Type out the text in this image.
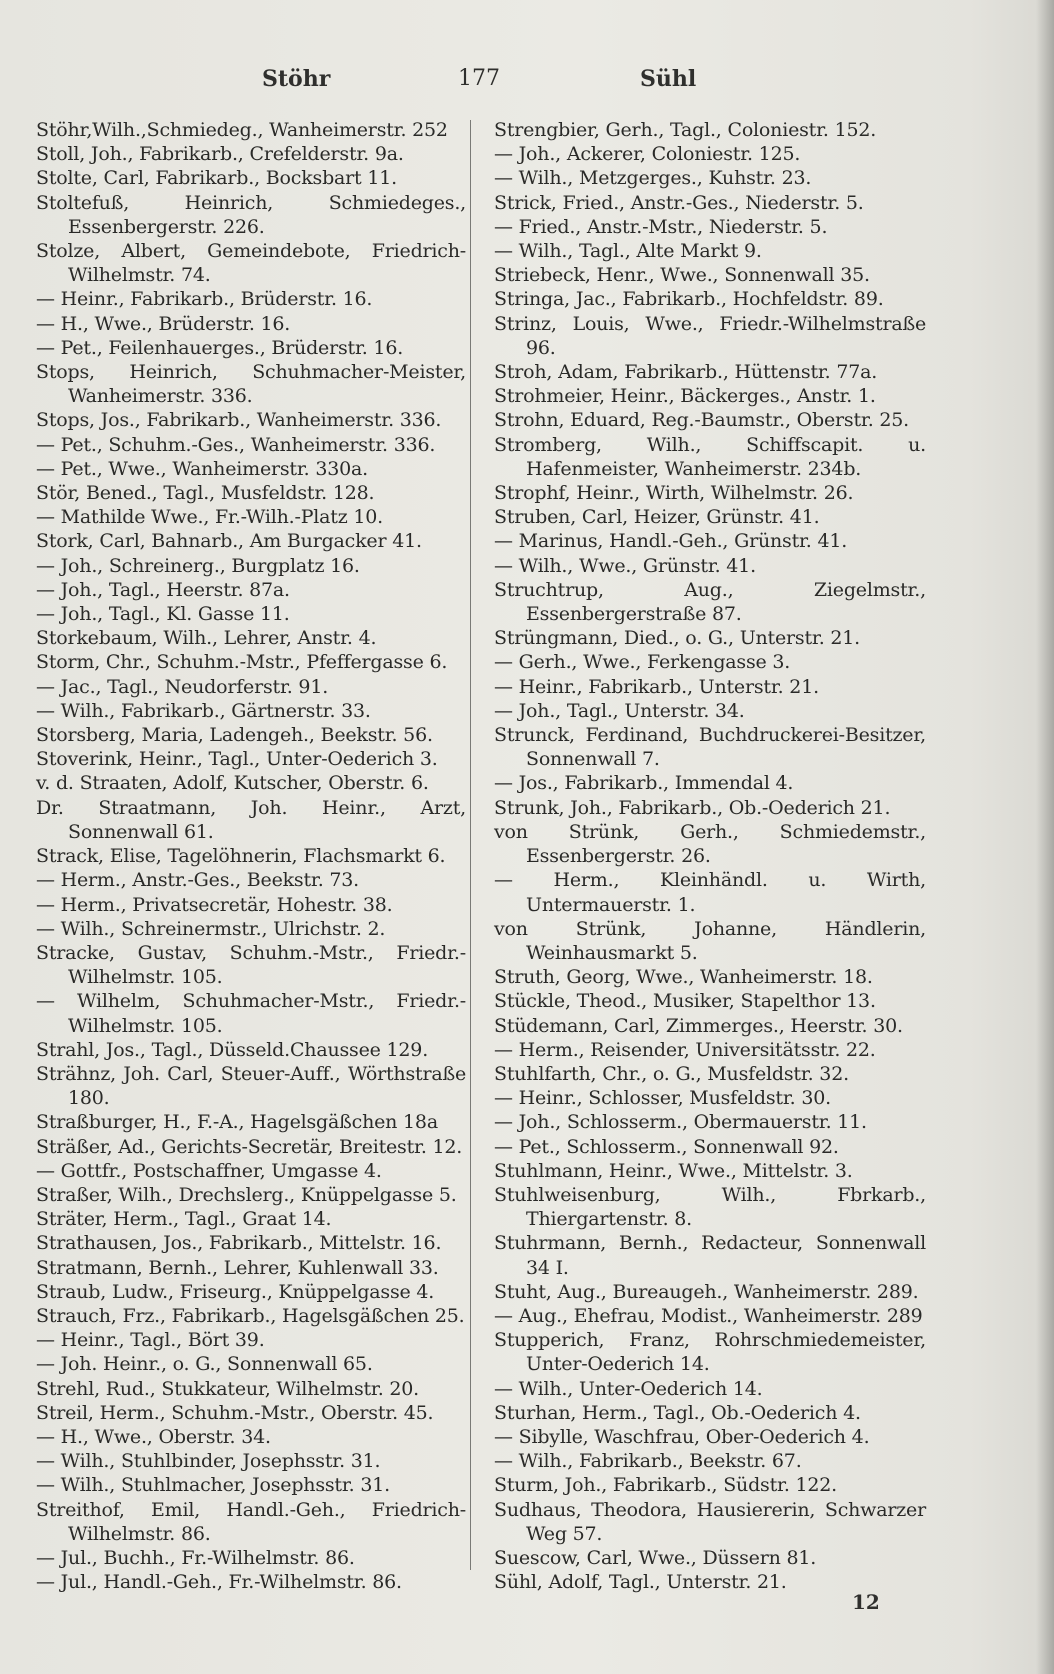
Stöhr	177	Sühl
Stöhr,Wilh.,Schmiedeg., Wanheimerstr. 252
Stoll, Joh., Fabrikarb., Crefelderstr. 9a.
Stolte, Carl, Fabrikarb., Bocksbart 11.
Stoltefuß, Heinrich, Schmiedeges., Essenbergerstr. 226.
Stolze, Albert, Gemeindebote, Friedrich-Wilhelmstr. 74.
— Heinr., Fabrikarb., Brüderstr. 16.
— H., Wwe., Brüderstr. 16.
— Pet., Feilenhauerges., Brüderstr. 16.
Stops, Heinrich, Schuhmacher-Meister, Wanheimerstr. 336.
Stops, Jos., Fabrikarb., Wanheimerstr. 336.
— Pet., Schuhm.-Ges., Wanheimerstr. 336.
— Pet., Wwe., Wanheimerstr. 330a.
Stör, Bened., Tagl., Musfeldstr. 128.
— Mathilde Wwe., Fr.-Wilh.-Platz 10.
Stork, Carl, Bahnarb., Am Burgacker 41.
— Joh., Schreinerg., Burgplatz 16.
— Joh., Tagl., Heerstr. 87a.
— Joh., Tagl., Kl. Gasse 11.
Storkebaum, Wilh., Lehrer, Anstr. 4.
Storm, Chr., Schuhm.-Mstr., Pfeffergasse 6.
— Jac., Tagl., Neudorferstr. 91.
— Wilh., Fabrikarb., Gärtnerstr. 33.
Storsberg, Maria, Ladengeh., Beekstr. 56.
Stoverink, Heinr., Tagl., Unter-Oederich 3.
v. d. Straaten, Adolf, Kutscher, Oberstr. 6.
Dr. Straatmann, Joh. Heinr., Arzt, Sonnenwall 61.
Strack, Elise, Tagelöhnerin, Flachsmarkt 6.
— Herm., Anstr.-Ges., Beekstr. 73.
— Herm., Privatsecretär, Hohestr. 38.
— Wilh., Schreinermstr., Ulrichstr. 2.
Stracke, Gustav, Schuhm.-Mstr., Friedr.-Wilhelmstr. 105.
— Wilhelm, Schuhmacher-Mstr., Friedr.-Wilhelmstr. 105.
Strahl, Jos., Tagl., Düsseld.Chaussee 129.
Strähnz, Joh. Carl, Steuer-Auff., Wörthstraße 180.
Straßburger, H., F.-A., Hagelsgäßchen 18a
Sträßer, Ad., Gerichts-Secretär, Breitestr. 12.
— Gottfr., Postschaffner, Umgasse 4.
Straßer, Wilh., Drechslerg., Knüppelgasse 5.
Sträter, Herm., Tagl., Graat 14.
Strathausen, Jos., Fabrikarb., Mittelstr. 16.
Stratmann, Bernh., Lehrer, Kuhlenwall 33.
Straub, Ludw., Friseurg., Knüppelgasse 4.
Strauch, Frz., Fabrikarb., Hagelsgäßchen 25.
— Heinr., Tagl., Bört 39.
— Joh. Heinr., o. G., Sonnenwall 65.
Strehl, Rud., Stukkateur, Wilhelmstr. 20.
Streil, Herm., Schuhm.-Mstr., Oberstr. 45.
— H., Wwe., Oberstr. 34.
— Wilh., Stuhlbinder, Josephsstr. 31.
— Wilh., Stuhlmacher, Josephsstr. 31.
Streithof, Emil, Handl.-Geh., Friedrich-Wilhelmstr. 86.
— Jul., Buchh., Fr.-Wilhelmstr. 86.
— Jul., Handl.-Geh., Fr.-Wilhelmstr. 86.
Strengbier, Gerh., Tagl., Coloniestr. 152.
— Joh., Ackerer, Coloniestr. 125.
— Wilh., Metzgerges., Kuhstr. 23.
Strick, Fried., Anstr.-Ges., Niederstr. 5.
— Fried., Anstr.-Mstr., Niederstr. 5.
— Wilh., Tagl., Alte Markt 9.
Striebeck, Henr., Wwe., Sonnenwall 35.
Stringa, Jac., Fabrikarb., Hochfeldstr. 89.
Strinz, Louis, Wwe., Friedr.-Wilhelmstraße 96.
Stroh, Adam, Fabrikarb., Hüttenstr. 77a.
Strohmeier, Heinr., Bäckerges., Anstr. 1.
Strohn, Eduard, Reg.-Baumstr., Oberstr. 25.
Stromberg, Wilh., Schiffscapit. u. Hafenmeister, Wanheimerstr. 234b.
Strophf, Heinr., Wirth, Wilhelmstr. 26.
Struben, Carl, Heizer, Grünstr. 41.
— Marinus, Handl.-Geh., Grünstr. 41.
— Wilh., Wwe., Grünstr. 41.
Struchtrup, Aug., Ziegelmstr., Essenbergerstraße 87.
Strüngmann, Died., o. G., Unterstr. 21.
— Gerh., Wwe., Ferkengasse 3.
— Heinr., Fabrikarb., Unterstr. 21.
— Joh., Tagl., Unterstr. 34.
Strunck, Ferdinand, Buchdruckerei-Besitzer, Sonnenwall 7.
— Jos., Fabrikarb., Immendal 4.
Strunk, Joh., Fabrikarb., Ob.-Oederich 21.
von Strünk, Gerh., Schmiedemstr., Essenbergerstr. 26.
— Herm., Kleinhändl. u. Wirth, Untermauerstr. 1.
von Strünk, Johanne, Händlerin, Weinhausmarkt 5.
Struth, Georg, Wwe., Wanheimerstr. 18.
Stückle, Theod., Musiker, Stapelthor 13.
Stüdemann, Carl, Zimmerges., Heerstr. 30.
— Herm., Reisender, Universitätsstr. 22.
Stuhlfarth, Chr., o. G., Musfeldstr. 32.
— Heinr., Schlosser, Musfeldstr. 30.
— Joh., Schlosserm., Obermauerstr. 11.
— Pet., Schlosserm., Sonnenwall 92.
Stuhlmann, Heinr., Wwe., Mittelstr. 3.
Stuhlweisenburg, Wilh., Fbrkarb., Thiergartenstr. 8.
Stuhrmann, Bernh., Redacteur, Sonnenwall 34 I.
Stuht, Aug., Bureaugeh., Wanheimerstr. 289.
— Aug., Ehefrau, Modist., Wanheimerstr. 289
Stupperich, Franz, Rohrschmiedemeister, Unter-Oederich 14.
— Wilh., Unter-Oederich 14.
Sturhan, Herm., Tagl., Ob.-Oederich 4.
— Sibylle, Waschfrau, Ober-Oederich 4.
— Wilh., Fabrikarb., Beekstr. 67.
Sturm, Joh., Fabrikarb., Südstr. 122.
Sudhaus, Theodora, Hausiererin, Schwarzer Weg 57.
Suescow, Carl, Wwe., Düssern 81.
Sühl, Adolf, Tagl., Unterstr. 21.
12
